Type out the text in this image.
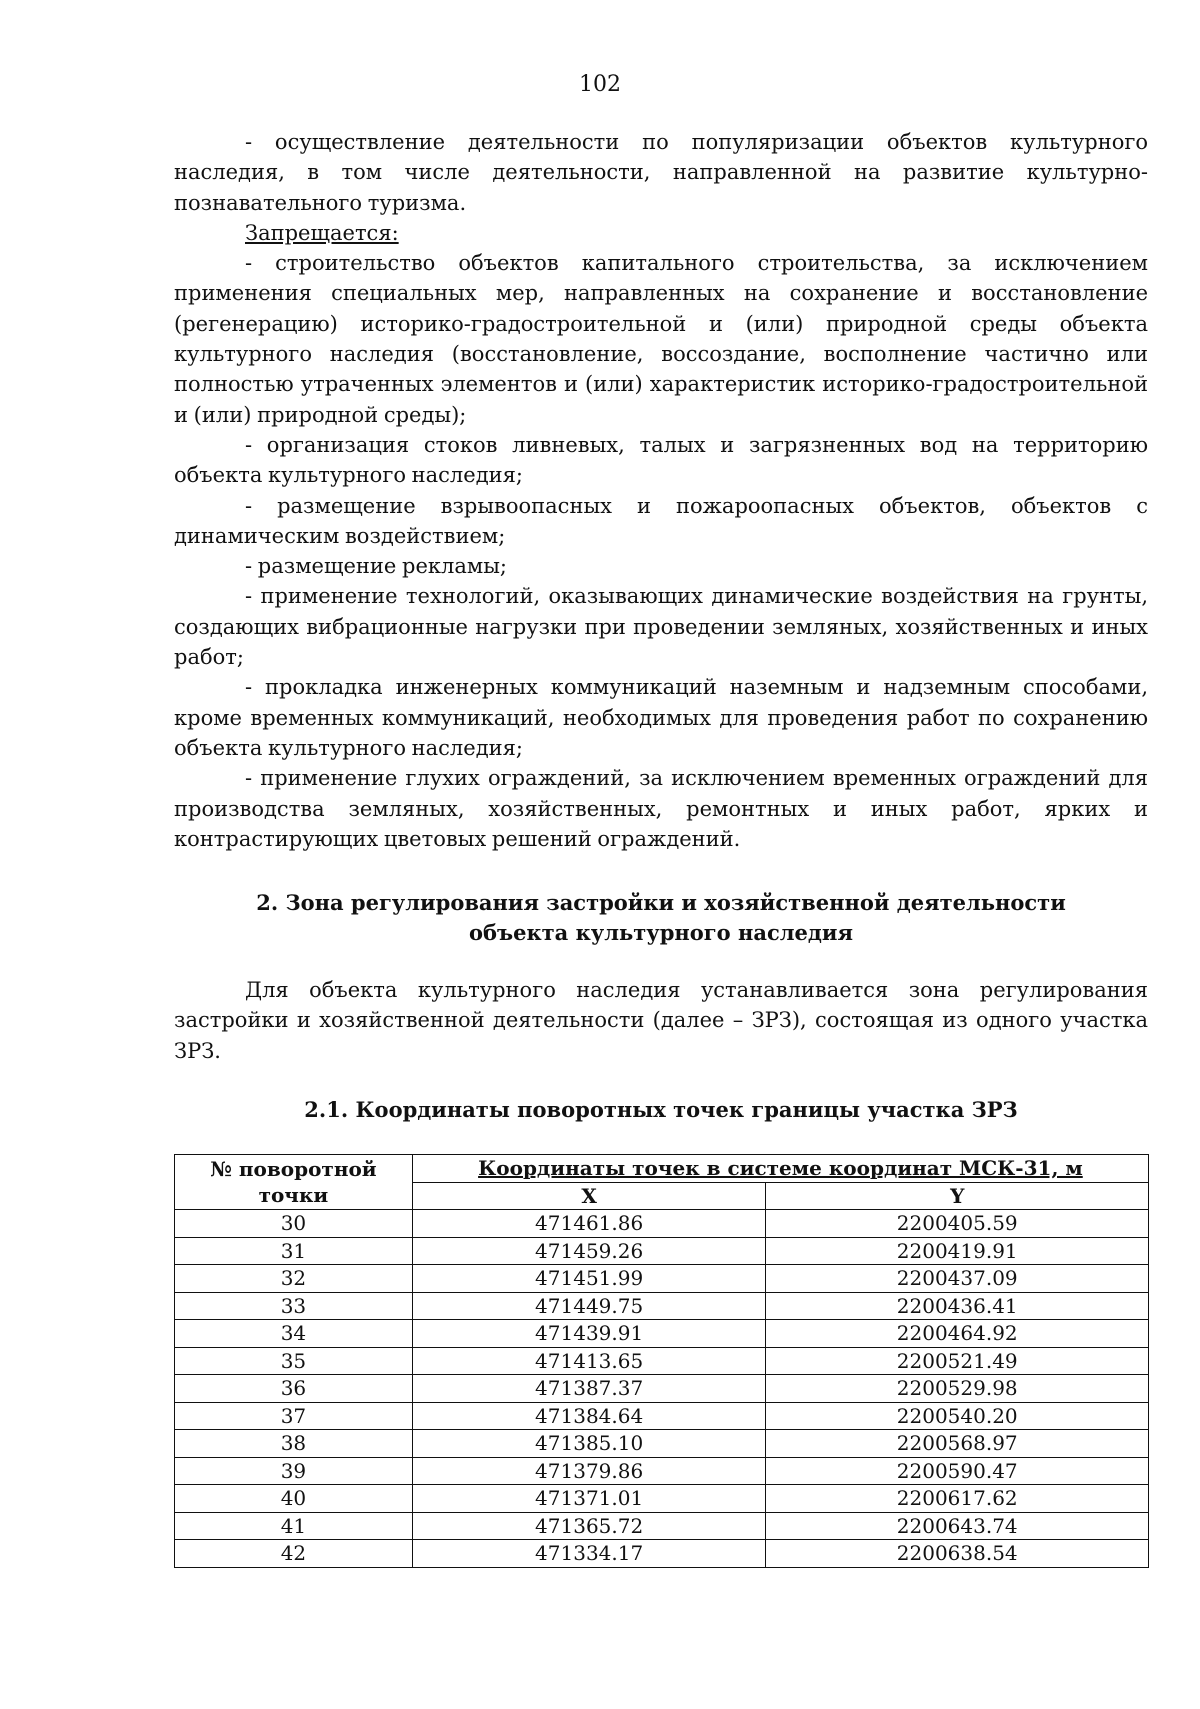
102

- осуществление деятельности по популяризации объектов культурного наследия, в том числе деятельности, направленной на развитие культурно-познавательного туризма.

Запрещается:

- строительство объектов капитального строительства, за исключением применения специальных мер, направленных на сохранение и восстановление (регенерацию) историко-градостроительной и (или) природной среды объекта культурного наследия (восстановление, воссоздание, восполнение частично или полностью утраченных элементов и (или) характеристик историко-градостроительной и (или) природной среды);

- организация стоков ливневых, талых и загрязненных вод на территорию объекта культурного наследия;

- размещение взрывоопасных и пожароопасных объектов, объектов с динамическим воздействием;

- размещение рекламы;

- применение технологий, оказывающих динамические воздействия на грунты, создающих вибрационные нагрузки при проведении земляных, хозяйственных и иных работ;

- прокладка инженерных коммуникаций наземным и надземным способами, кроме временных коммуникаций, необходимых для проведения работ по сохранению объекта культурного наследия;

- применение глухих ограждений, за исключением временных ограждений для производства земляных, хозяйственных, ремонтных и иных работ, ярких и контрастирующих цветовых решений ограждений.

2. Зона регулирования застройки и хозяйственной деятельности
объекта культурного наследия

Для объекта культурного наследия устанавливается зона регулирования застройки и хозяйственной деятельности (далее – ЗРЗ), состоящая из одного участка ЗРЗ.

2.1. Координаты поворотных точек границы участка ЗРЗ
№ поворотной точки	Координаты точек в системе координат МСК-31, м	
	X	Y
30	471461.86	2200405.59
31	471459.26	2200419.91
32	471451.99	2200437.09
33	471449.75	2200436.41
34	471439.91	2200464.92
35	471413.65	2200521.49
36	471387.37	2200529.98
37	471384.64	2200540.20
38	471385.10	2200568.97
39	471379.86	2200590.47
40	471371.01	2200617.62
41	471365.72	2200643.74
42	471334.17	2200638.54
